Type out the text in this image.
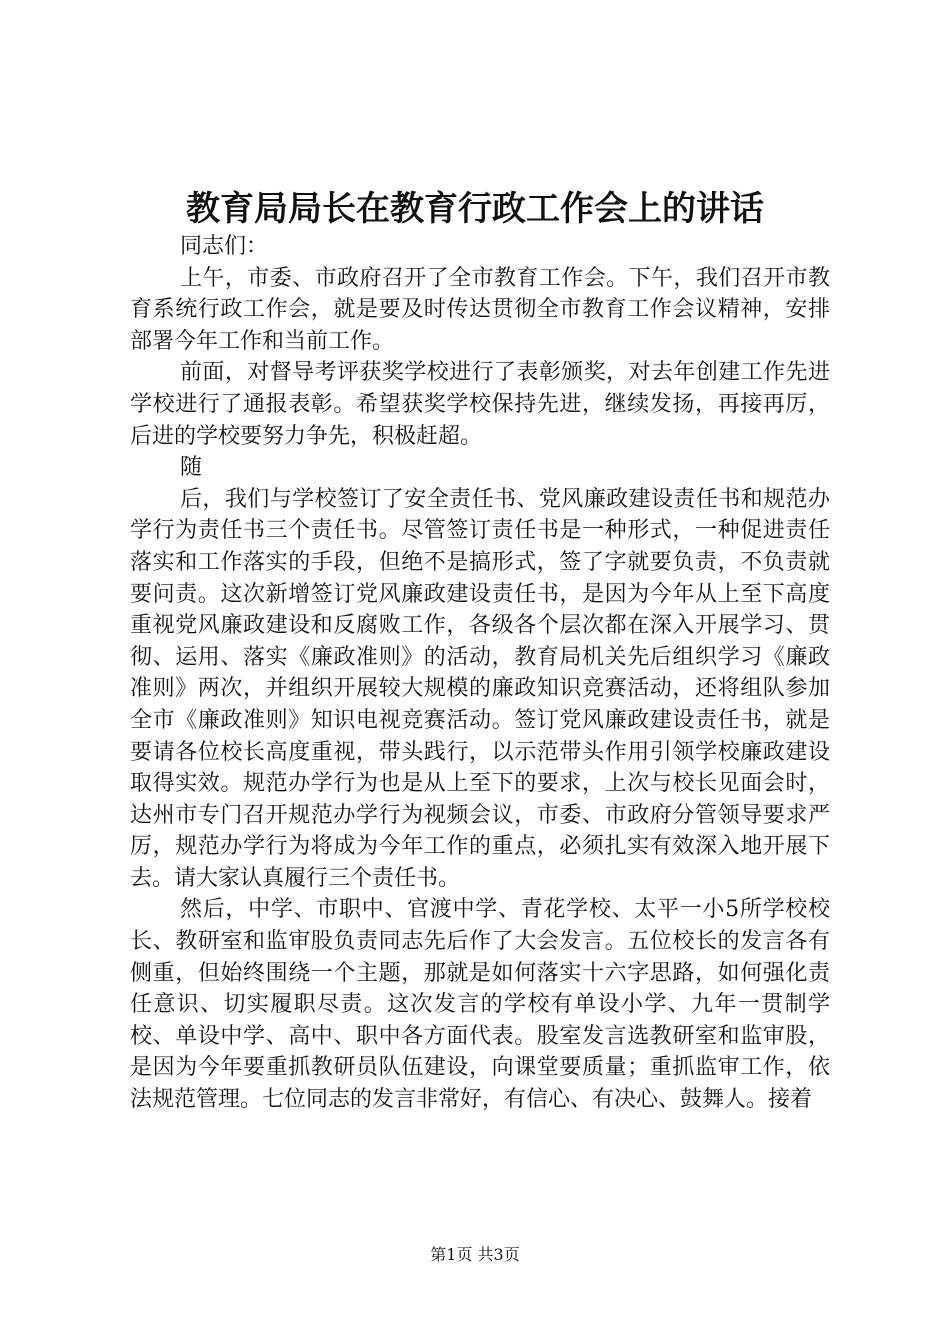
教育局局长在教育行政工作会上的讲话

同志们：

上午，市委、市政府召开了全市教育工作会。下午，我们召开市教育系统行政工作会，就是要及时传达贯彻全市教育工作会议精神，安排部署今年工作和当前工作。

前面，对督导考评获奖学校进行了表彰颁奖，对去年创建工作先进学校进行了通报表彰。希望获奖学校保持先进，继续发扬，再接再厉，后进的学校要努力争先，积极赶超。

随

后，我们与学校签订了安全责任书、党风廉政建设责任书和规范办学行为责任书三个责任书。尽管签订责任书是一种形式，一种促进责任落实和工作落实的手段，但绝不是搞形式，签了字就要负责，不负责就要问责。这次新增签订党风廉政建设责任书，是因为今年从上至下高度重视党风廉政建设和反腐败工作，各级各个层次都在深入开展学习、贯彻、运用、落实《廉政准则》的活动，教育局机关先后组织学习《廉政准则》两次，并组织开展较大规模的廉政知识竞赛活动，还将组队参加全市《廉政准则》知识电视竞赛活动。签订党风廉政建设责任书，就是要请各位校长高度重视，带头践行，以示范带头作用引领学校廉政建设取得实效。规范办学行为也是从上至下的要求，上次与校长见面会时，达州市专门召开规范办学行为视频会议，市委、市政府分管领导要求严厉，规范办学行为将成为今年工作的重点，必须扎实有效深入地开展下去。请大家认真履行三个责任书。

然后，中学、市职中、官渡中学、青花学校、太平一小5所学校校长、教研室和监审股负责同志先后作了大会发言。五位校长的发言各有侧重，但始终围绕一个主题，那就是如何落实十六字思路，如何强化责任意识、切实履职尽责。这次发言的学校有单设小学、九年一贯制学校、单设中学、高中、职中各方面代表。股室发言选教研室和监审股，是因为今年要重抓教研员队伍建设，向课堂要质量；重抓监审工作，依法规范管理。七位同志的发言非常好，有信心、有决心、鼓舞人。接着

第1页 共3页
